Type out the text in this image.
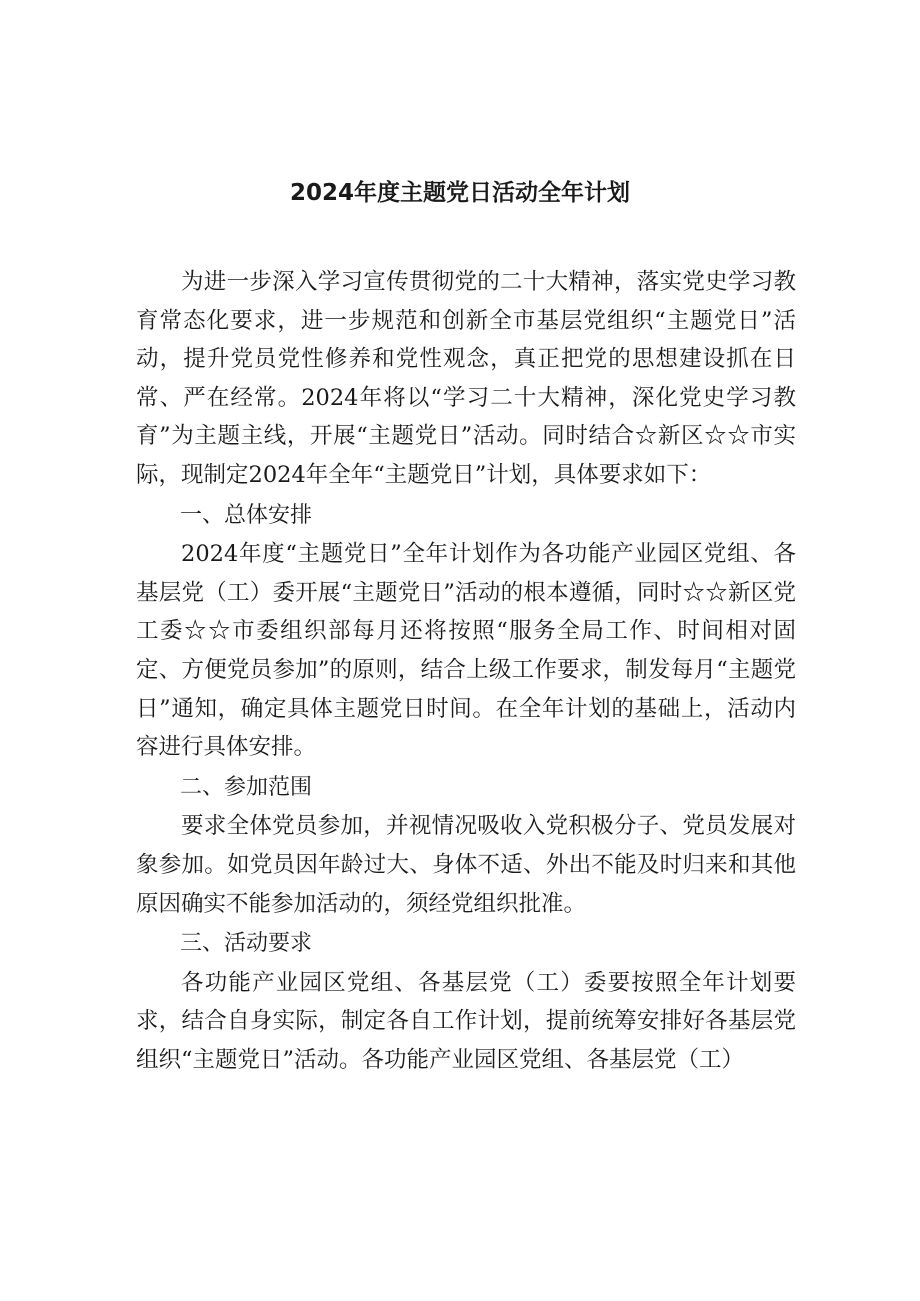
2024年度主题党日活动全年计划

为进一步深入学习宣传贯彻党的二十大精神，落实党史学习教育常态化要求，进一步规范和创新全市基层党组织“主题党日”活动，提升党员党性修养和党性观念，真正把党的思想建设抓在日常、严在经常。2024年将以“学习二十大精神，深化党史学习教育”为主题主线，开展“主题党日”活动。同时结合☆新区☆☆市实际，现制定2024年全年“主题党日”计划，具体要求如下：

一、总体安排

2024年度“主题党日”全年计划作为各功能产业园区党组、各基层党（工）委开展“主题党日”活动的根本遵循，同时☆☆新区党工委☆☆市委组织部每月还将按照“服务全局工作、时间相对固定、方便党员参加”的原则，结合上级工作要求，制发每月“主题党日”通知，确定具体主题党日时间。在全年计划的基础上，活动内容进行具体安排。

二、参加范围

要求全体党员参加，并视情况吸收入党积极分子、党员发展对象参加。如党员因年龄过大、身体不适、外出不能及时归来和其他原因确实不能参加活动的，须经党组织批准。

三、活动要求

各功能产业园区党组、各基层党（工）委要按照全年计划要求，结合自身实际，制定各自工作计划，提前统筹安排好各基层党组织“主题党日”活动。各功能产业园区党组、各基层党（工）
